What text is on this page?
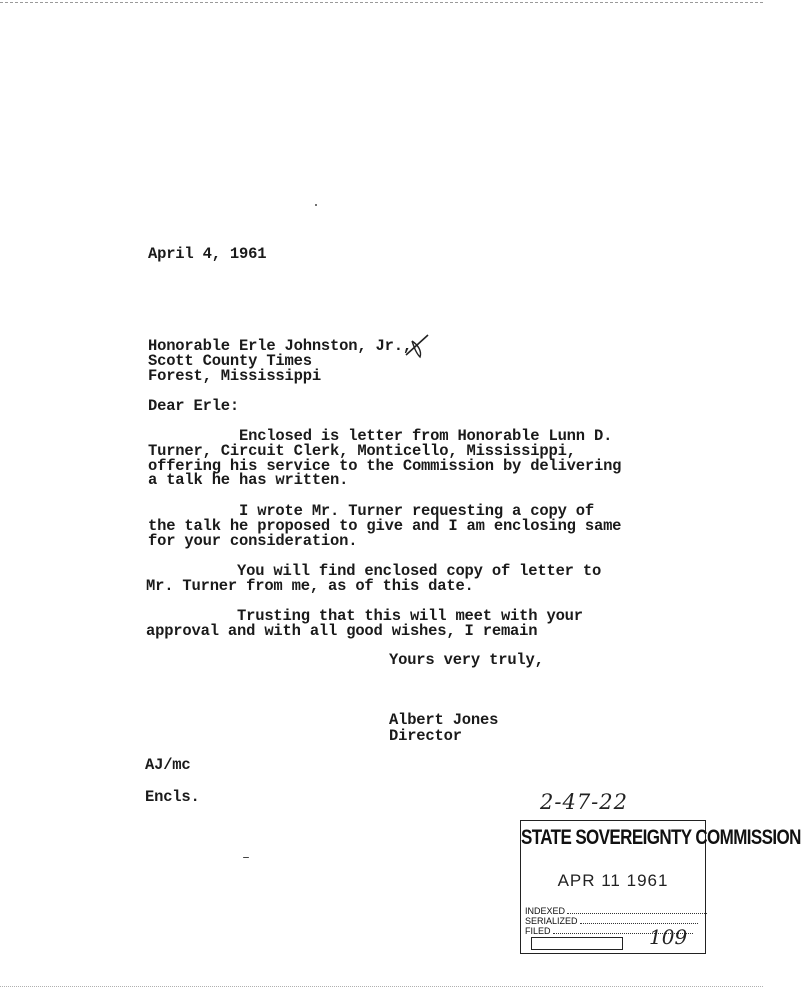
April 4, 1961
Honorable Erle Johnston, Jr.,
Scott County Times
Forest, Mississippi
Dear Erle:
Enclosed is letter from Honorable Lunn D.
Turner, Circuit Clerk, Monticello, Mississippi,
offering his service to the Commission by delivering
a talk he has written.
I wrote Mr. Turner requesting a copy of
the talk he proposed to give and I am enclosing same
for your consideration.
You will find enclosed copy of letter to
Mr. Turner from me, as of this date.
Trusting that this will meet with your
approval and with all good wishes, I remain
Yours very truly,
Albert Jones
Director
AJ/mc
Encls.	2-47-22
STATE SOVEREIGNTY COMMISSION
APR 11 1961
INDEXED
SERIALIZED
FILED	109
